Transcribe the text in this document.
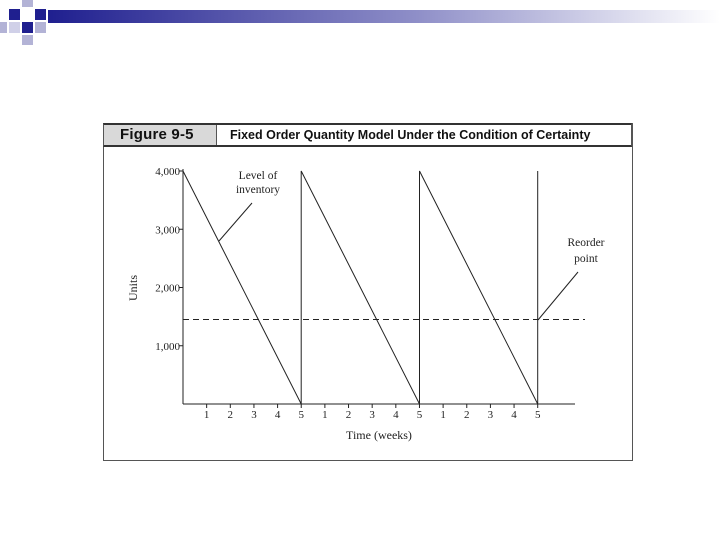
Figure 9-5	Fixed Order Quantity Model Under the Condition of Certainty
1,000
2,000
3,000
4,000
1 2 3 4 5 1 2 3 4 5 1 2 3 4 5
Level of inventory
Reorder point
Time (weeks)
Units
